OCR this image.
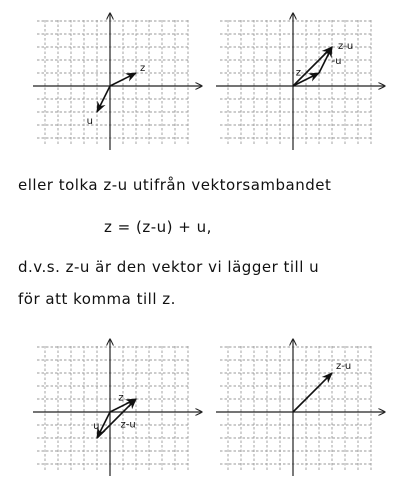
z
u
z
-u
z-u
eller tolka z-u utifrån vektorsambandet
z = (z-u) + u,
d.v.s. z-u är den vektor vi lägger till u
för att komma till z.
z
u z-u
z-u
